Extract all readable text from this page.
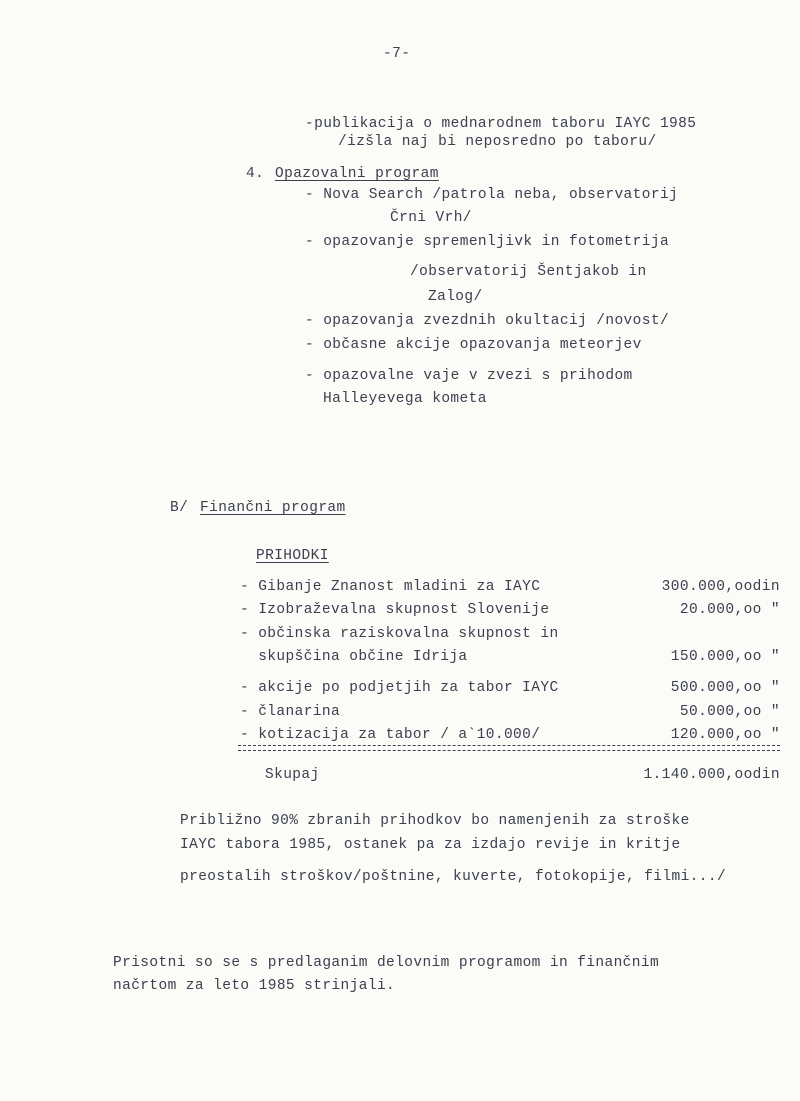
-7-
-publikacija o mednarodnem taboru IAYC 1985
/izšla naj bi neposredno po taboru/
4. Opazovalni program
- Nova Search /patrola neba, observatorij
Črni Vrh/
- opazovanje spremenljivk in fotometrija
/observatorij Šentjakob in
Zalog/
- opazovanja zvezdnih okultacij /novost/
- občasne akcije opazovanja meteorjev
- opazovalne vaje v zvezi s prihodom
Halleyevega kometa
B/ Finančni program
PRIHODKI
- Gibanje Znanost mladini za IAYC	300.000,oodin
- Izobraževalna skupnost Slovenije	20.000,oo "
- občinska raziskovalna skupnost in
skupščina občine Idrija	150.000,oo "
- akcije po podjetjih za tabor IAYC	500.000,oo "
- članarina	50.000,oo "
- kotizacija za tabor / a`10.000/	120.000,oo "
Skupaj	1.140.000,oodin
Približno 90% zbranih prihodkov bo namenjenih za stroške
IAYC tabora 1985, ostanek pa za izdajo revije in kritje
preostalih stroškov/poštnine, kuverte, fotokopije, filmi.../
Prisotni so se s predlaganim delovnim programom in finančnim
načrtom za leto 1985 strinjali.
